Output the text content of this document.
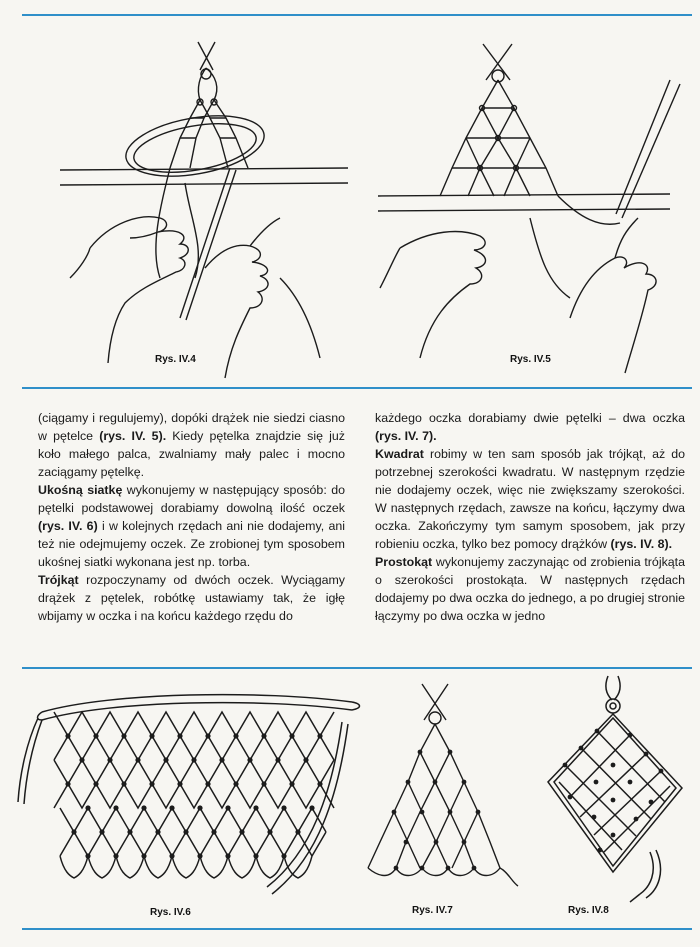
Rys. IV.4	Rys. IV.5

(ciągamy i regulujemy), dopóki drążek nie siedzi ciasno w pętelce (rys. IV. 5). Kiedy pętelka znajdzie się już koło małego palca, zwalniamy mały palec i mocno zaciągamy pętelkę.

Ukośną siatkę wykonujemy w następujący sposób: do pętelki podstawowej dorabiamy dowolną ilość oczek (rys. IV. 6) i w kolejnych rzędach ani nie dodajemy, ani też nie odejmujemy oczek. Ze zrobionej tym sposobem ukośnej siatki wykonana jest np. torba.

Trójkąt rozpoczynamy od dwóch oczek. Wyciągamy drążek z pętelek, robótkę ustawiamy tak, że igłę wbijamy w oczka i na końcu każdego rzędu do

każdego oczka dorabiamy dwie pętelki – dwa oczka (rys. IV. 7).

Kwadrat robimy w ten sam sposób jak trójkąt, aż do potrzebnej szerokości kwadratu. W następnym rzędzie nie dodajemy oczek, więc nie zwiększamy szerokości. W następnych rzędach, zawsze na końcu, łączymy dwa oczka. Zakończymy tym samym sposobem, jak przy robieniu oczka, tylko bez pomocy drążków (rys. IV. 8).

Prostokąt wykonujemy zaczynając od zrobienia trójkąta o szerokości prostokąta. W następnych rzędach dodajemy po dwa oczka do jednego, a po drugiej stronie łączymy po dwa oczka w jedno

Rys. IV.6	Rys. IV.7	Rys. IV.8
